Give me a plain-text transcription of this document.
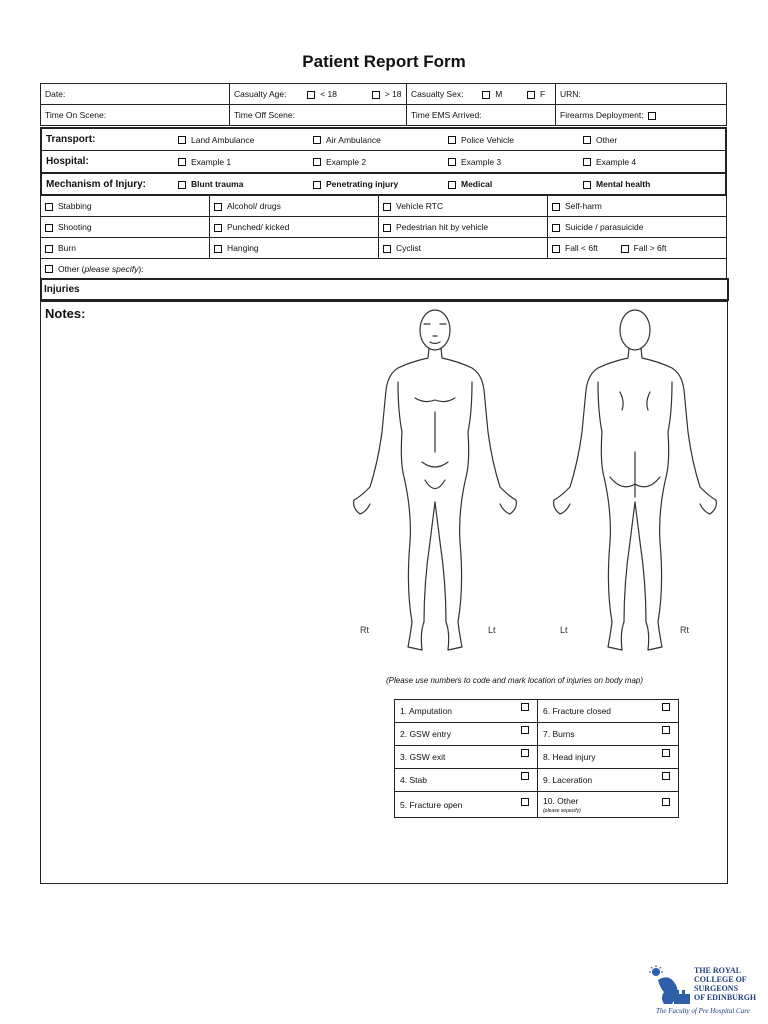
Patient Report Form
Date:	Casualty Age: < 18 > 18	Casualty Sex: M F	URN:
Time On Scene:	Time Off Scene:	Time EMS Arrived:	Firearms Deployment:
Transport:	Land Ambulance	Air Ambulance	Police Vehicle	Other

Hospital:	Example 1	Example 2	Example 3	Example 4

Mechanism of Injury:	Blunt trauma	Penetrating injury	Medical	Mental health
Stabbing	Alcohol/ drugs	Vehicle RTC	Self-harm
Shooting	Punched/ kicked	Pedestrian hit by vehicle	Suicide / parasuicide
Burn	Hanging	Cyclist	Fall < 6ft Fall > 6ft
Other (please specify):			
Injuries
Notes:
Rt	Lt	Lt	Rt
(Please use numbers to code and mark location of injuries on body map)
1. Amputation	6. Fracture closed

2. GSW entry	7. Burns

3. GSW exit	8. Head injury

4. Stab	9. Laceration

5. Fracture open	10. Other
(please sepecify)
THE ROYAL
COLLEGE OF
SURGEONS
OF EDINBURGH
The Faculty of Pre Hospital Care
